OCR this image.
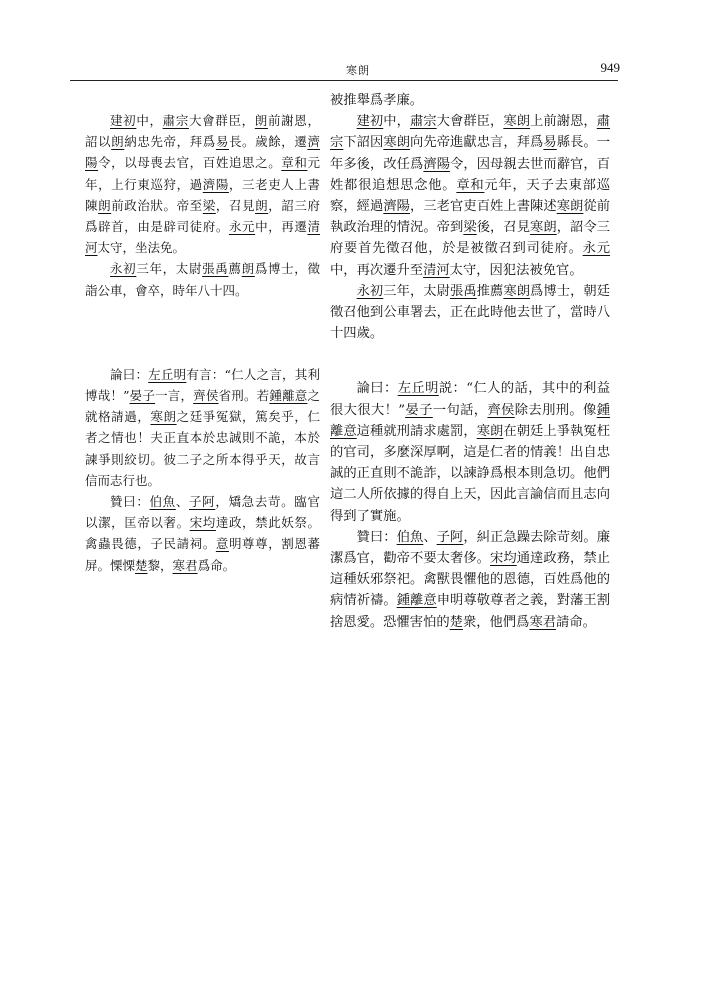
寒朗	949

建初中，肅宗大會群臣，朗前謝恩，詔以朗納忠先帝，拜爲易長。歲餘，遷濟陽令，以母喪去官，百姓追思之。章和元年，上行東巡狩，過濟陽，三老吏人上書陳朗前政治狀。帝至梁，召見朗，詔三府爲辟首，由是辟司徒府。永元中，再遷清河太守，坐法免。

永初三年，太尉張禹薦朗爲博士，徵詣公車，會卒，時年八十四。

論曰：左丘明有言：“仁人之言，其利博哉！”晏子一言，齊侯省刑。若鍾離意之就格請過，寒朗之廷爭冤獄，篤矣乎，仁者之情也！夫正直本於忠誠則不詭，本於諫爭則絞切。彼二子之所本得乎天，故言信而志行也。

贊曰：伯魚、子阿，矯急去苛。臨官以潔，匡帝以奢。宋均達政，禁此妖祭。禽蟲畏德，子民請祠。意明尊尊，割恩蕃屏。慄慄楚黎，寒君爲命。

被推舉爲孝廉。

建初中，肅宗大會群臣，寒朗上前謝恩，肅宗下詔因寒朗向先帝進獻忠言，拜爲易縣長。一年多後，改任爲濟陽令，因母親去世而辭官，百姓都很追想思念他。章和元年，天子去東部巡察，經過濟陽，三老官吏百姓上書陳述寒朗從前執政治理的情況。帝到梁後，召見寒朗，詔令三府要首先徵召他，於是被徵召到司徒府。永元中，再次遷升至清河太守，因犯法被免官。

永初三年，太尉張禹推薦寒朗爲博士，朝廷徵召他到公車署去，正在此時他去世了，當時八十四歲。

論曰：左丘明説：“仁人的話，其中的利益很大很大！”晏子一句話，齊侯除去刖刑。像鍾離意這種就刑請求處罰，寒朗在朝廷上爭執冤枉的官司，多麼深厚啊，這是仁者的情義！出自忠誠的正直則不詭詐，以諫諍爲根本則急切。他們這二人所依據的得自上天，因此言論信而且志向得到了實施。

贊曰：伯魚、子阿，糾正急躁去除苛刻。廉潔爲官，勸帝不要太奢侈。宋均通達政務，禁止這種妖邪祭祀。禽獸畏懼他的恩德，百姓爲他的病情祈禱。鍾離意申明尊敬尊者之義，對藩王割捨恩愛。恐懼害怕的楚衆，他們爲寒君請命。
